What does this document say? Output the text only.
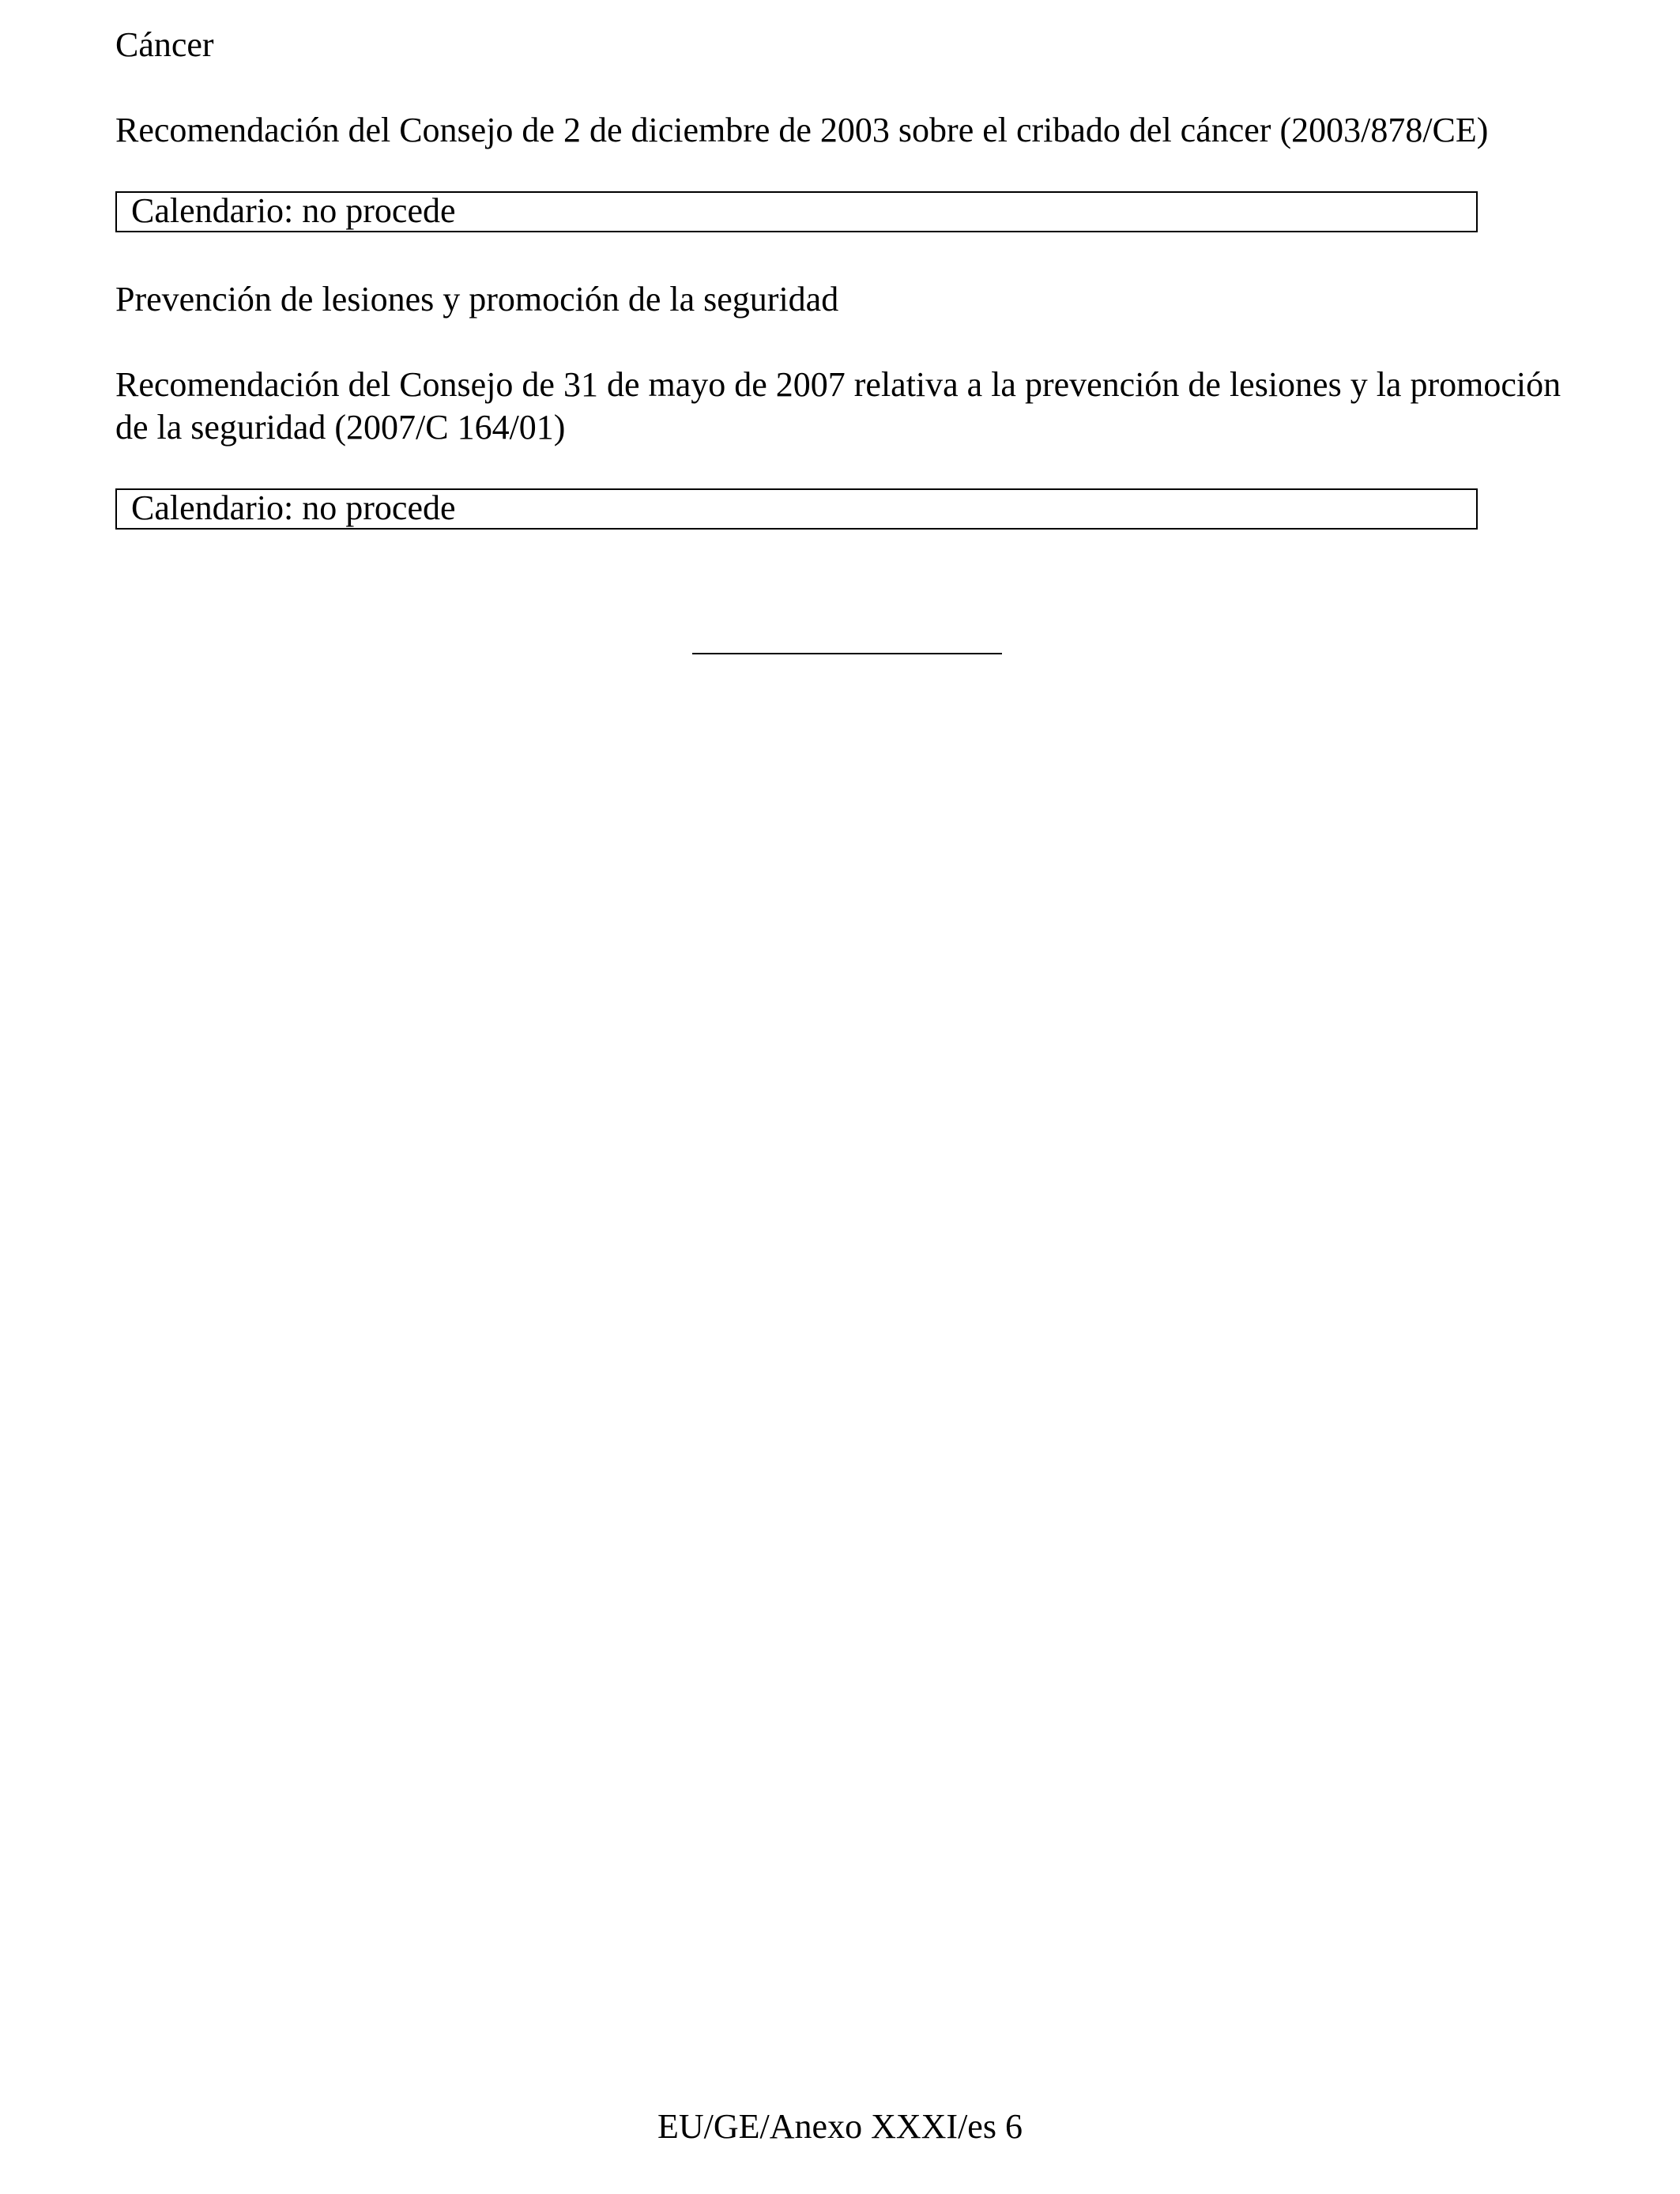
Cáncer

Recomendación del Consejo de 2 de diciembre de 2003 sobre el cribado del cáncer (2003/878/CE)

Calendario: no procede

Prevención de lesiones y promoción de la seguridad

Recomendación del Consejo de 31 de mayo de 2007 relativa a la prevención de lesiones y la promoción de la seguridad (2007/C 164/01)

Calendario: no procede
EU/GE/Anexo XXXI/es 6
